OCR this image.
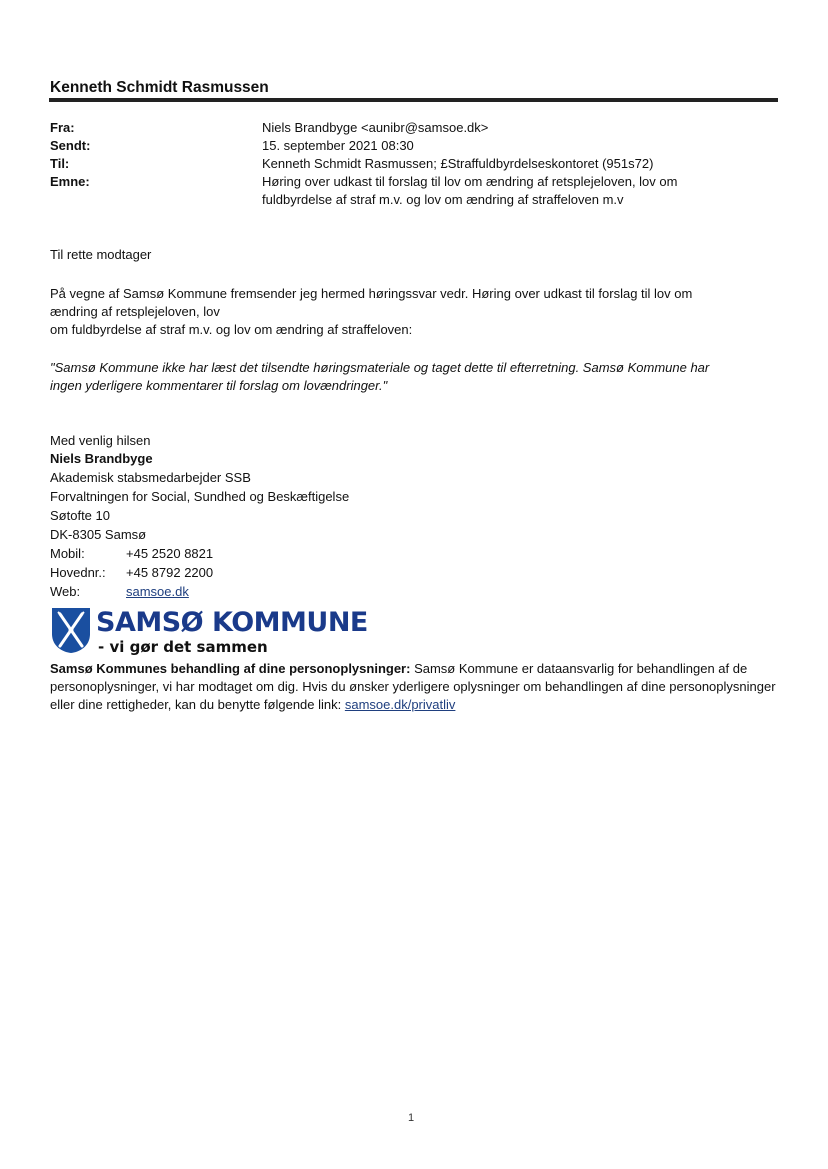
Kenneth Schmidt Rasmussen
Fra:	Niels Brandbyge <aunibr@samsoe.dk>
Sendt:	15. september 2021 08:30
Til:	Kenneth Schmidt Rasmussen; £Straffuldbyrdelseskontoret (951s72)
Emne:	Høring over udkast til forslag til lov om ændring af retsplejeloven, lov om
fuldbyrdelse af straf m.v. og lov om ændring af straffeloven m.v
Til rette modtager
På vegne af Samsø Kommune fremsender jeg hermed høringssvar vedr. Høring over udkast til forslag til lov om
ændring af retsplejeloven, lov
om fuldbyrdelse af straf m.v. og lov om ændring af straffeloven:
"Samsø Kommune ikke har læst det tilsendte høringsmateriale og taget dette til efterretning. Samsø Kommune har
ingen yderligere kommentarer til forslag om lovændringer."
Med venlig hilsen
Niels Brandbyge
Akademisk stabsmedarbejder SSB
Forvaltningen for Social, Sundhed og Beskæftigelse
Søtofte 10
DK-8305 Samsø
Mobil:	+45 2520 8821
Hovednr.: +45 8792 2200
Web:	samsoe.dk
SAMSØ KOMMUNE
- vi gør det sammen
Samsø Kommunes behandling af dine personoplysninger: Samsø Kommune er dataansvarlig for behandlingen af de personoplysninger, vi har modtaget om dig. Hvis du ønsker yderligere oplysninger om behandlingen af dine personoplysninger eller dine rettigheder, kan du benytte følgende link: samsoe.dk/privatliv
1
